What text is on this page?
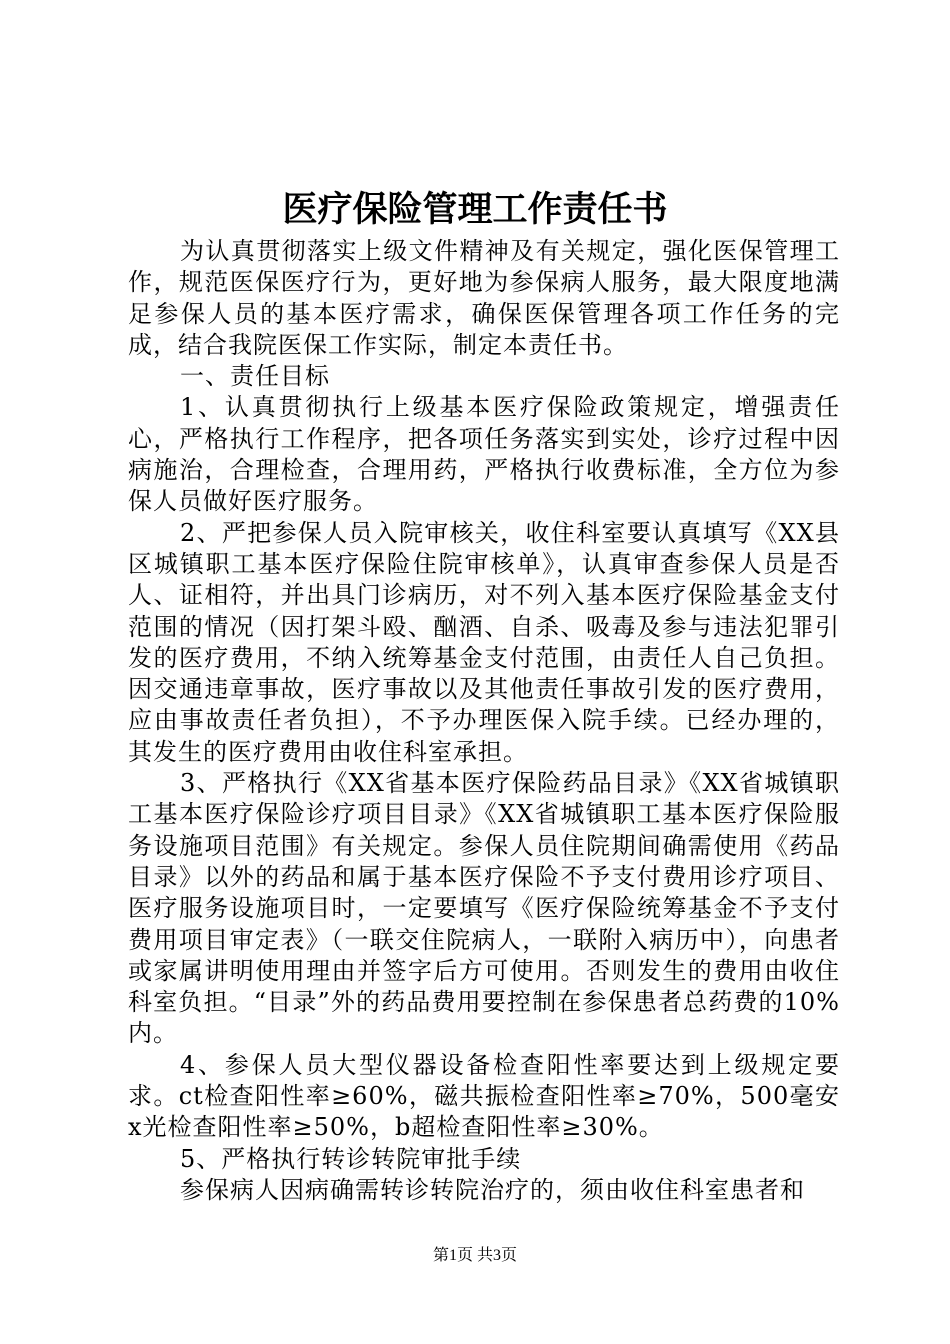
医疗保险管理工作责任书

为认真贯彻落实上级文件精神及有关规定，强化医保管理工作，规范医保医疗行为，更好地为参保病人服务，最大限度地满足参保人员的基本医疗需求，确保医保管理各项工作任务的完成，结合我院医保工作实际，制定本责任书。

一、责任目标

1、认真贯彻执行上级基本医疗保险政策规定，增强责任心，严格执行工作程序，把各项任务落实到实处，诊疗过程中因病施治，合理检查，合理用药，严格执行收费标准，全方位为参保人员做好医疗服务。

2、严把参保人员入院审核关，收住科室要认真填写《XX县区城镇职工基本医疗保险住院审核单》，认真审查参保人员是否人、证相符，并出具门诊病历，对不列入基本医疗保险基金支付范围的情况（因打架斗殴、酗酒、自杀、吸毒及参与违法犯罪引发的医疗费用，不纳入统筹基金支付范围，由责任人自己负担。因交通违章事故，医疗事故以及其他责任事故引发的医疗费用，应由事故责任者负担），不予办理医保入院手续。已经办理的，其发生的医疗费用由收住科室承担。

3、严格执行《XX省基本医疗保险药品目录》《XX省城镇职工基本医疗保险诊疗项目目录》《XX省城镇职工基本医疗保险服务设施项目范围》有关规定。参保人员住院期间确需使用《药品目录》以外的药品和属于基本医疗保险不予支付费用诊疗项目、医疗服务设施项目时，一定要填写《医疗保险统筹基金不予支付费用项目审定表》（一联交住院病人，一联附入病历中），向患者或家属讲明使用理由并签字后方可使用。否则发生的费用由收住科室负担。“目录”外的药品费用要控制在参保患者总药费的10%内。

4、参保人员大型仪器设备检查阳性率要达到上级规定要求。ct检查阳性率≥60%，磁共振检查阳性率≥70%，500毫安x光检查阳性率≥50%，b超检查阳性率≥30%。

5、严格执行转诊转院审批手续

参保病人因病确需转诊转院治疗的，须由收住科室患者和

第1页 共3页
